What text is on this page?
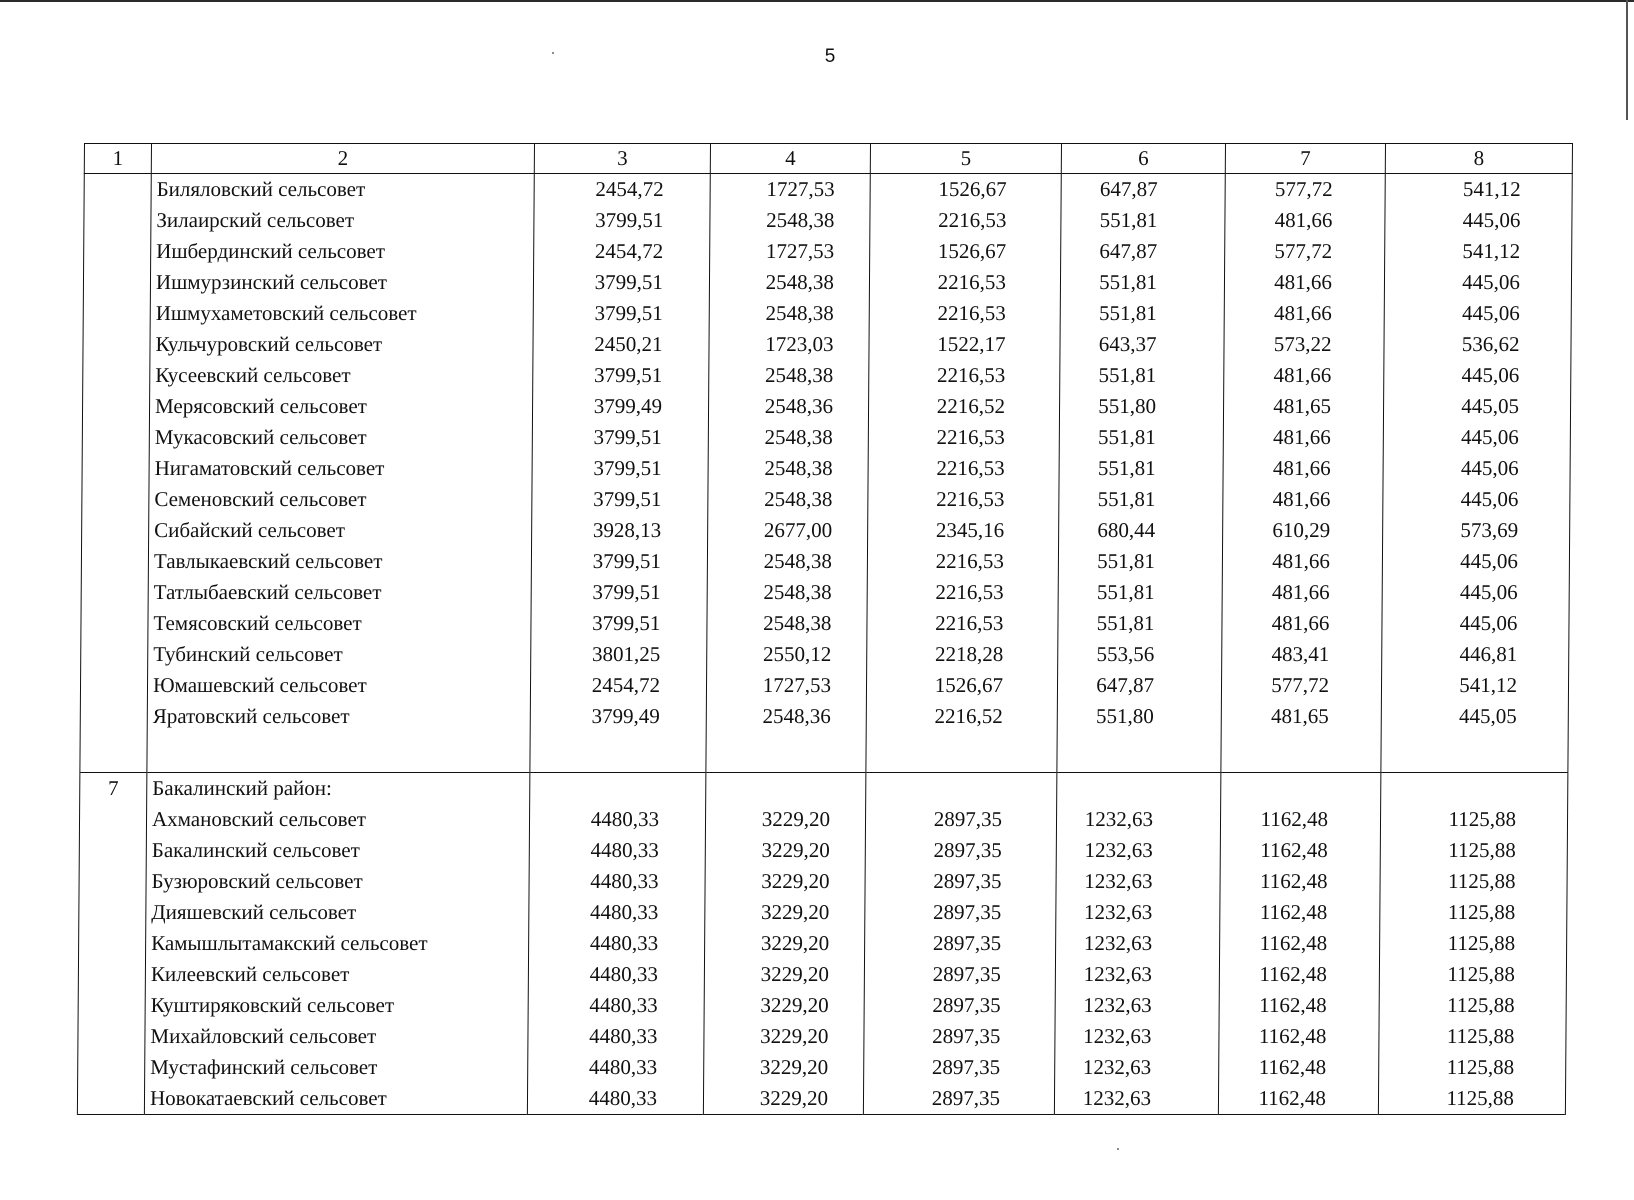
5
1	2	3	4	5	6	7	8
	Биляловский сельсовет	2454,72	1727,53	1526,67	647,87	577,72	541,12
	Зилаирский сельсовет	3799,51	2548,38	2216,53	551,81	481,66	445,06
	Ишбердинский сельсовет	2454,72	1727,53	1526,67	647,87	577,72	541,12
	Ишмурзинский сельсовет	3799,51	2548,38	2216,53	551,81	481,66	445,06
	Ишмухаметовский сельсовет	3799,51	2548,38	2216,53	551,81	481,66	445,06
	Кульчуровский сельсовет	2450,21	1723,03	1522,17	643,37	573,22	536,62
	Кусеевский сельсовет	3799,51	2548,38	2216,53	551,81	481,66	445,06
	Мерясовский сельсовет	3799,49	2548,36	2216,52	551,80	481,65	445,05
	Мукасовский сельсовет	3799,51	2548,38	2216,53	551,81	481,66	445,06
	Нигаматовский сельсовет	3799,51	2548,38	2216,53	551,81	481,66	445,06
	Семеновский сельсовет	3799,51	2548,38	2216,53	551,81	481,66	445,06
	Сибайский сельсовет	3928,13	2677,00	2345,16	680,44	610,29	573,69
	Тавлыкаевский сельсовет	3799,51	2548,38	2216,53	551,81	481,66	445,06
	Татлыбаевский сельсовет	3799,51	2548,38	2216,53	551,81	481,66	445,06
	Темясовский сельсовет	3799,51	2548,38	2216,53	551,81	481,66	445,06
	Тубинский сельсовет	3801,25	2550,12	2218,28	553,56	483,41	446,81
	Юмашевский сельсовет	2454,72	1727,53	1526,67	647,87	577,72	541,12
	Яратовский сельсовет	3799,49	2548,36	2216,52	551,80	481,65	445,05

7	Бакалинский район:						
	Ахмановский сельсовет	4480,33	3229,20	2897,35	1232,63	1162,48	1125,88
	Бакалинский сельсовет	4480,33	3229,20	2897,35	1232,63	1162,48	1125,88
	Бузюровский сельсовет	4480,33	3229,20	2897,35	1232,63	1162,48	1125,88
	Дияшевский сельсовет	4480,33	3229,20	2897,35	1232,63	1162,48	1125,88
	Камышлытамакский сельсовет	4480,33	3229,20	2897,35	1232,63	1162,48	1125,88
	Килеевский сельсовет	4480,33	3229,20	2897,35	1232,63	1162,48	1125,88
	Куштиряковский сельсовет	4480,33	3229,20	2897,35	1232,63	1162,48	1125,88
	Михайловский сельсовет	4480,33	3229,20	2897,35	1232,63	1162,48	1125,88
	Мустафинский сельсовет	4480,33	3229,20	2897,35	1232,63	1162,48	1125,88
	Новокатаевский сельсовет	4480,33	3229,20	2897,35	1232,63	1162,48	1125,88
